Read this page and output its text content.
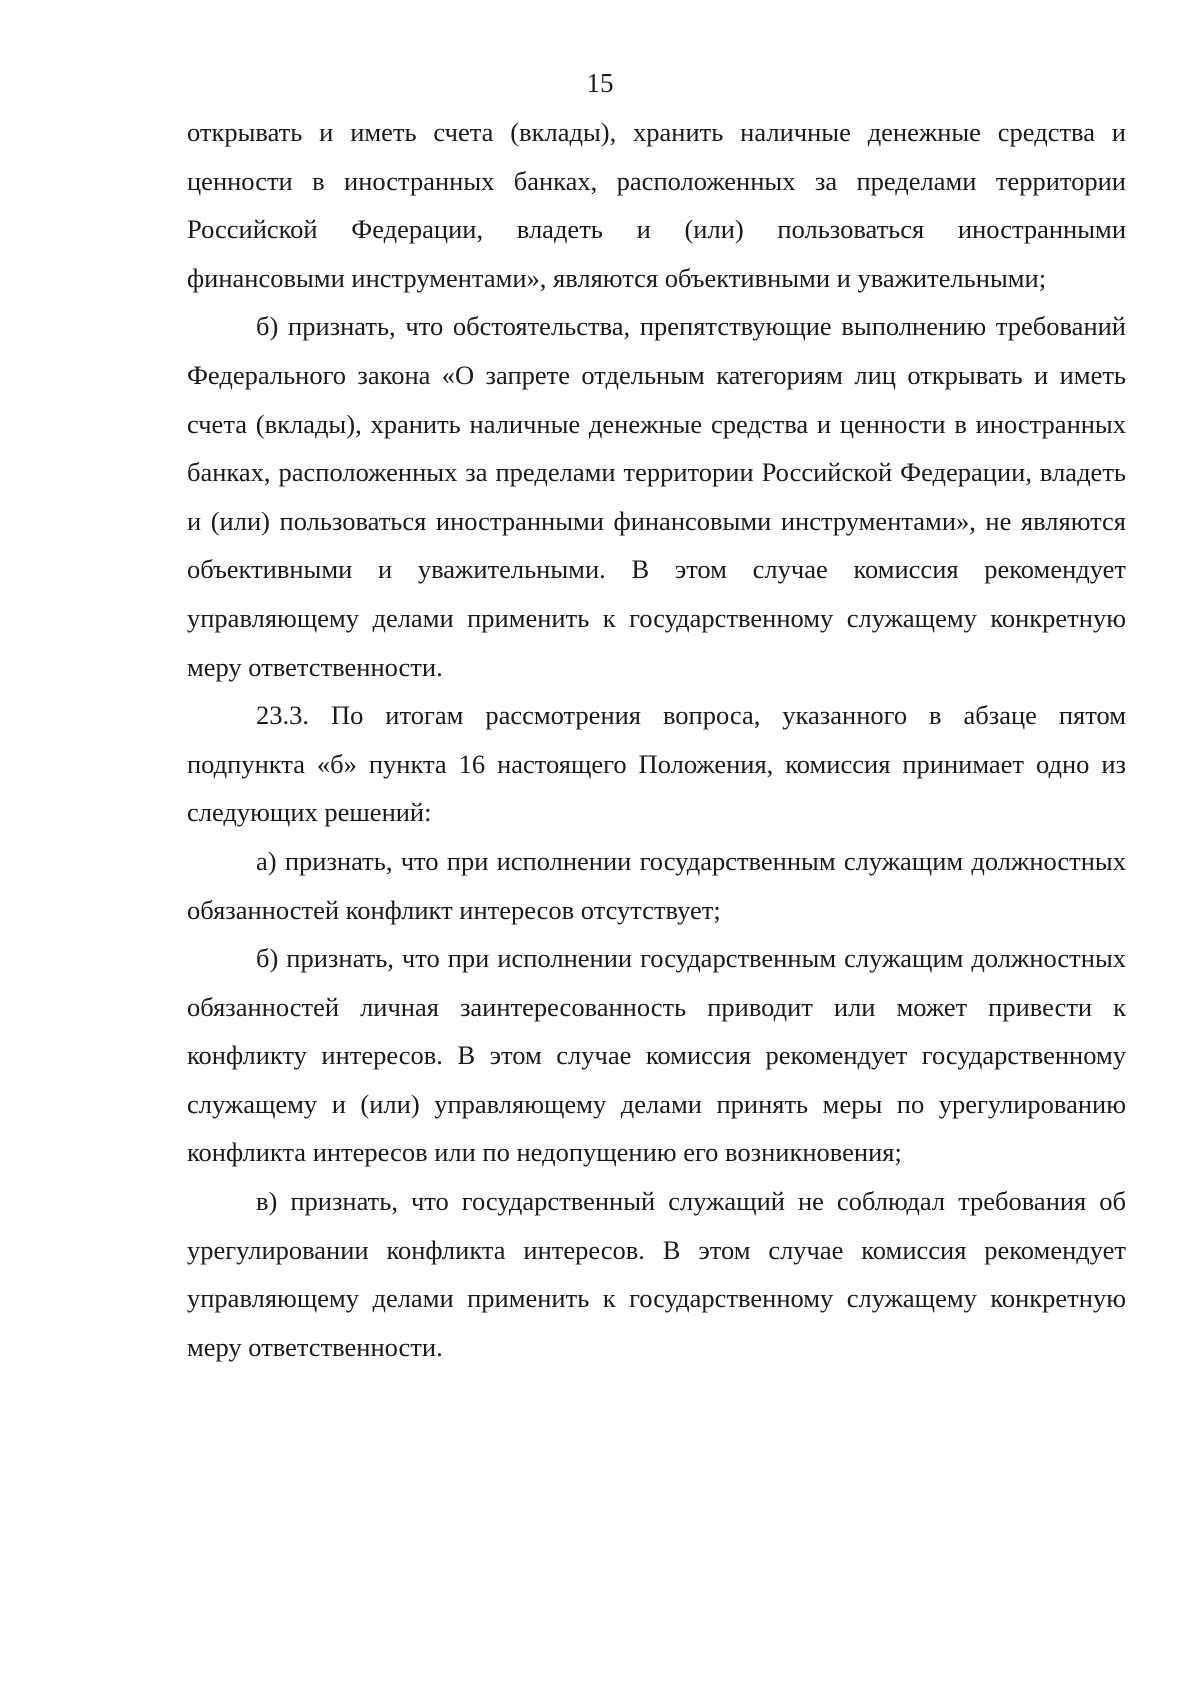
15

открывать и иметь счета (вклады), хранить наличные денежные средства и ценности в иностранных банках, расположенных за пределами территории Российской Федерации, владеть и (или) пользоваться иностранными финансовыми инструментами», являются объективными и уважительными;

б) признать, что обстоятельства, препятствующие выполнению требований Федерального закона «О запрете отдельным категориям лиц открывать и иметь счета (вклады), хранить наличные денежные средства и ценности в иностранных банках, расположенных за пределами территории Российской Федерации, владеть и (или) пользоваться иностранными финансовыми инструментами», не являются объективными и уважительными. В этом случае комиссия рекомендует управляющему делами применить к государственному служащему конкретную меру ответственности.

23.3. По итогам рассмотрения вопроса, указанного в абзаце пятом подпункта «б» пункта 16 настоящего Положения, комиссия принимает одно из следующих решений:

а) признать, что при исполнении государственным служащим должностных обязанностей конфликт интересов отсутствует;

б) признать, что при исполнении государственным служащим должностных обязанностей личная заинтересованность приводит или может привести к конфликту интересов. В этом случае комиссия рекомендует государственному служащему и (или) управляющему делами принять меры по урегулированию конфликта интересов или по недопущению его возникновения;

в) признать, что государственный служащий не соблюдал требования об урегулировании конфликта интересов. В этом случае комиссия рекомендует управляющему делами применить к государственному служащему конкретную меру ответственности.
